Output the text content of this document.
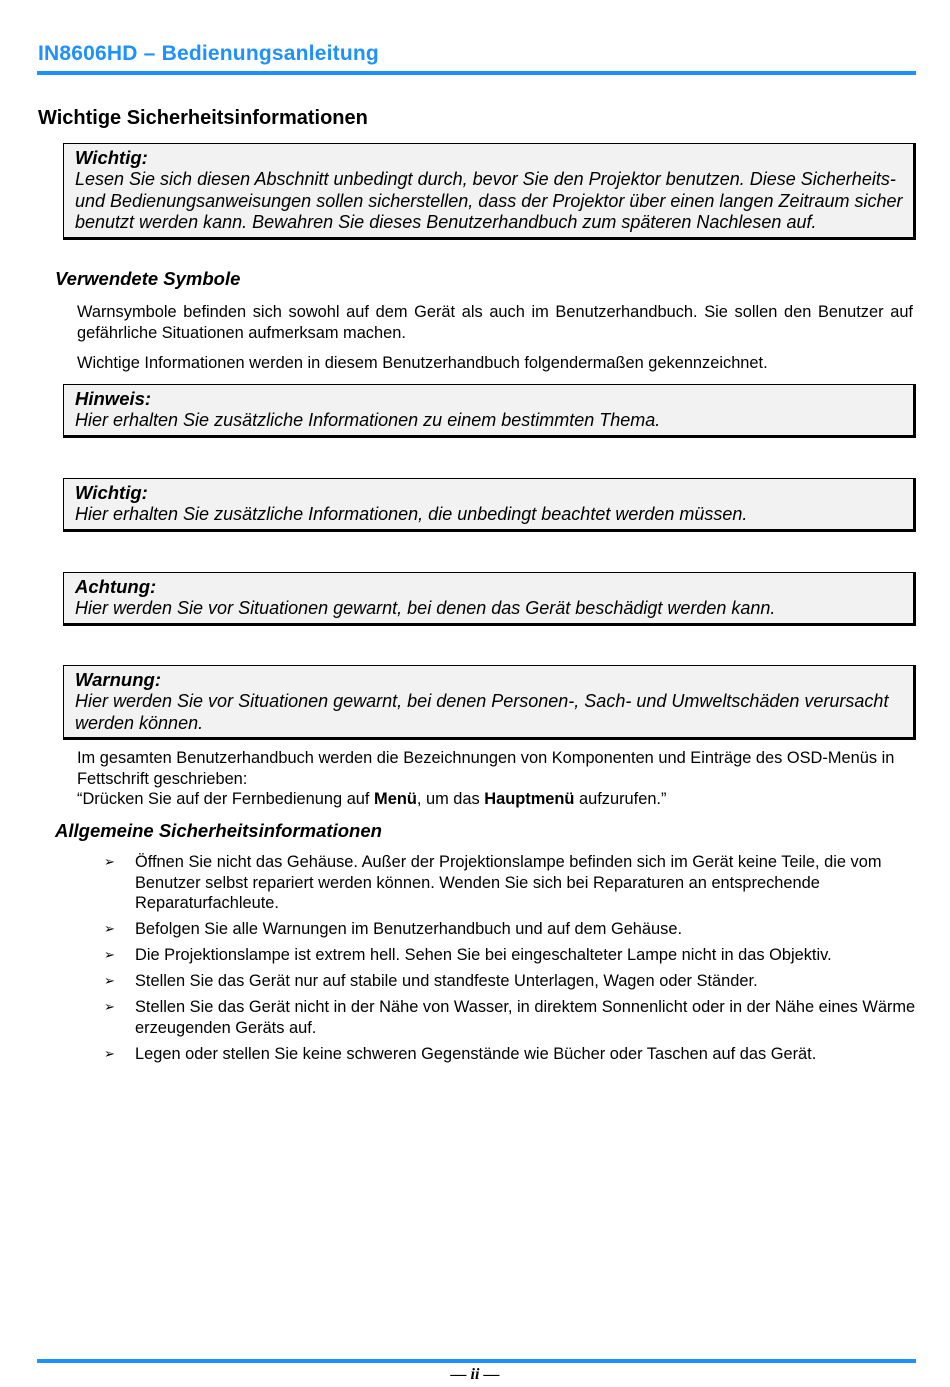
IN8606HD – Bedienungsanleitung
Wichtige Sicherheitsinformationen
Wichtig:
Lesen Sie sich diesen Abschnitt unbedingt durch, bevor Sie den Projektor benutzen. Diese Sicherheits- und Bedienungsanweisungen sollen sicherstellen, dass der Projektor über einen langen Zeitraum sicher benutzt werden kann. Bewahren Sie dieses Benutzerhandbuch zum späteren Nachlesen auf.
Verwendete Symbole

Warnsymbole befinden sich sowohl auf dem Gerät als auch im Benutzerhandbuch. Sie sollen den Benutzer auf gefährliche Situationen aufmerksam machen.

Wichtige Informationen werden in diesem Benutzerhandbuch folgendermaßen gekennzeichnet.

Hinweis:
Hier erhalten Sie zusätzliche Informationen zu einem bestimmten Thema.
Wichtig:
Hier erhalten Sie zusätzliche Informationen, die unbedingt beachtet werden müssen.
Achtung:
Hier werden Sie vor Situationen gewarnt, bei denen das Gerät beschädigt werden kann.
Warnung:
Hier werden Sie vor Situationen gewarnt, bei denen Personen-, Sach- und Umweltschäden verursacht werden können.
Im gesamten Benutzerhandbuch werden die Bezeichnungen von Komponenten und Einträge des OSD-Menüs in Fettschrift geschrieben:
“Drücken Sie auf der Fernbedienung auf Menü, um das Hauptmenü aufzurufen.”
Allgemeine Sicherheitsinformationen
➢ Öffnen Sie nicht das Gehäuse. Außer der Projektionslampe befinden sich im Gerät keine Teile, die vom Benutzer selbst repariert werden können. Wenden Sie sich bei Reparaturen an entsprechende Reparaturfachleute.
➢ Befolgen Sie alle Warnungen im Benutzerhandbuch und auf dem Gehäuse.
➢ Die Projektionslampe ist extrem hell. Sehen Sie bei eingeschalteter Lampe nicht in das Objektiv.
➢ Stellen Sie das Gerät nur auf stabile und standfeste Unterlagen, Wagen oder Ständer.
➢ Stellen Sie das Gerät nicht in der Nähe von Wasser, in direktem Sonnenlicht oder in der Nähe eines Wärme erzeugenden Geräts auf.
➢ Legen oder stellen Sie keine schweren Gegenstände wie Bücher oder Taschen auf das Gerät.
— ii —
